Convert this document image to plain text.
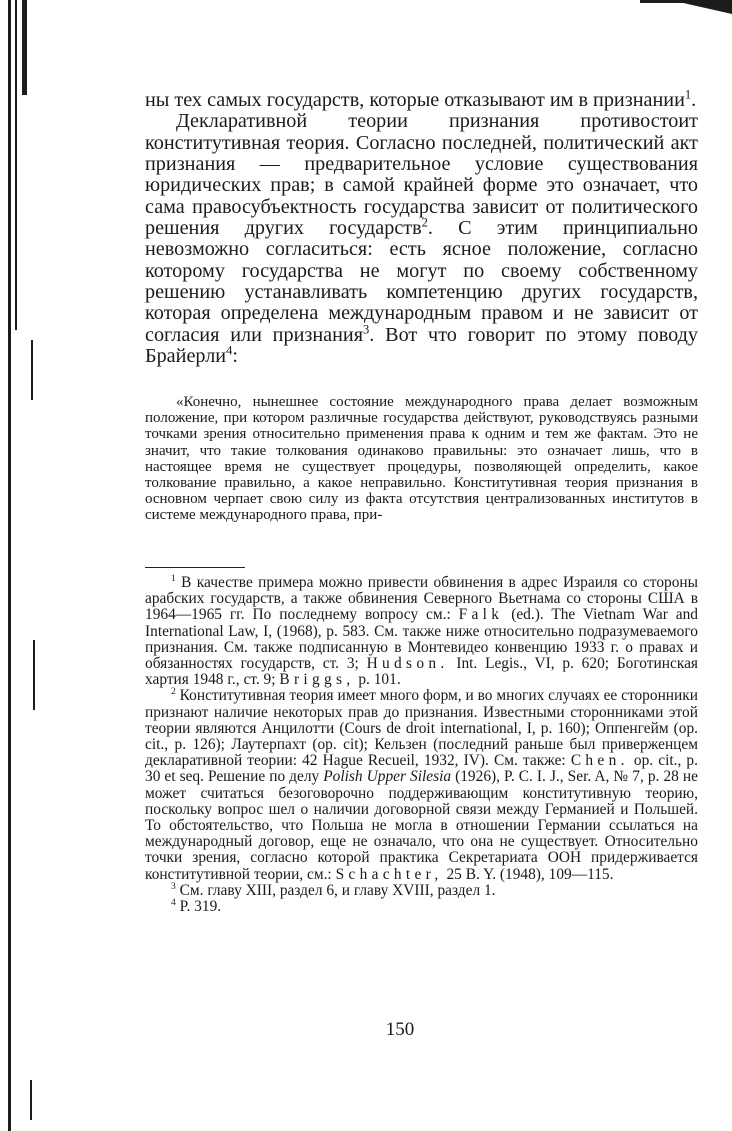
ны тех самых государств, которые отказывают им в признании$^1$.

Декларативной теории признания противостоит конститутивная теория. Согласно последней, политический акт признания — предварительное условие существования юридических прав; в самой крайней форме это означает, что сама правосубъектность государства зависит от политического решения других государств$^2$. С этим принципиально невозможно согласиться: есть ясное положение, согласно которому государства не могут по своему собственному решению устанавливать компетенцию других государств, которая определена международным правом и не зависит от согласия или признания$^3$. Вот что говорит по этому поводу Брайерли$^4$:

«Конечно, нынешнее состояние международного права делает возможным положение, при котором различные государства действуют, руководствуясь разными точками зрения относительно применения права к одним и тем же фактам. Это не значит, что такие толкования одинаково правильны: это означает лишь, что в настоящее время не существует процедуры, позволяющей определить, какое толкование правильно, а какое неправильно. Конститутивная теория признания в основном черпает свою силу из факта отсутствия централизованных институтов в системе международного права, при-

$^1$ В качестве примера можно привести обвинения в адрес Израиля со стороны арабских государств, а также обвинения Северного Вьетнама со стороны США в 1964—1965 гг. По последнему вопросу см.: Falk (ed.). The Vietnam War and International Law, I, (1968), p. 583. См. также ниже относительно подразумеваемого признания. См. также подписанную в Монтевидео конвенцию 1933 г. о правах и обязанностях государств, ст. 3; Hudson. Int. Legis., VI, p. 620; Боготинская хартия 1948 г., ст. 9; Briggs, p. 101.

$^2$ Конститутивная теория имеет много форм, и во многих случаях ее сторонники признают наличие некоторых прав до признания. Известными сторонниками этой теории являются Анцилотти (Cours de droit international, I, p. 160); Оппенгейм (op. cit., p. 126); Лаутерпахт (op. cit); Кельзен (последний раньше был приверженцем декларативной теории: 42 Hague Recueil, 1932, IV). См. также: Chen. op. cit., p. 30 et seq. Решение по делу Polish Upper Silesia (1926), P. C. I. J., Ser. A, № 7, p. 28 не может считаться безоговорочно поддерживающим конститутивную теорию, поскольку вопрос шел о наличии договорной связи между Германией и Польшей. То обстоятельство, что Польша не могла в отношении Германии ссылаться на международный договор, еще не означало, что она не существует. Относительно точки зрения, согласно которой практика Секретариата ООН придерживается конститутивной теории, см.: Schachter, 25 B. Y. (1948), 109—115.

$^3$ См. главу XIII, раздел 6, и главу XVIII, раздел 1.

$^4$ P. 319.

150
